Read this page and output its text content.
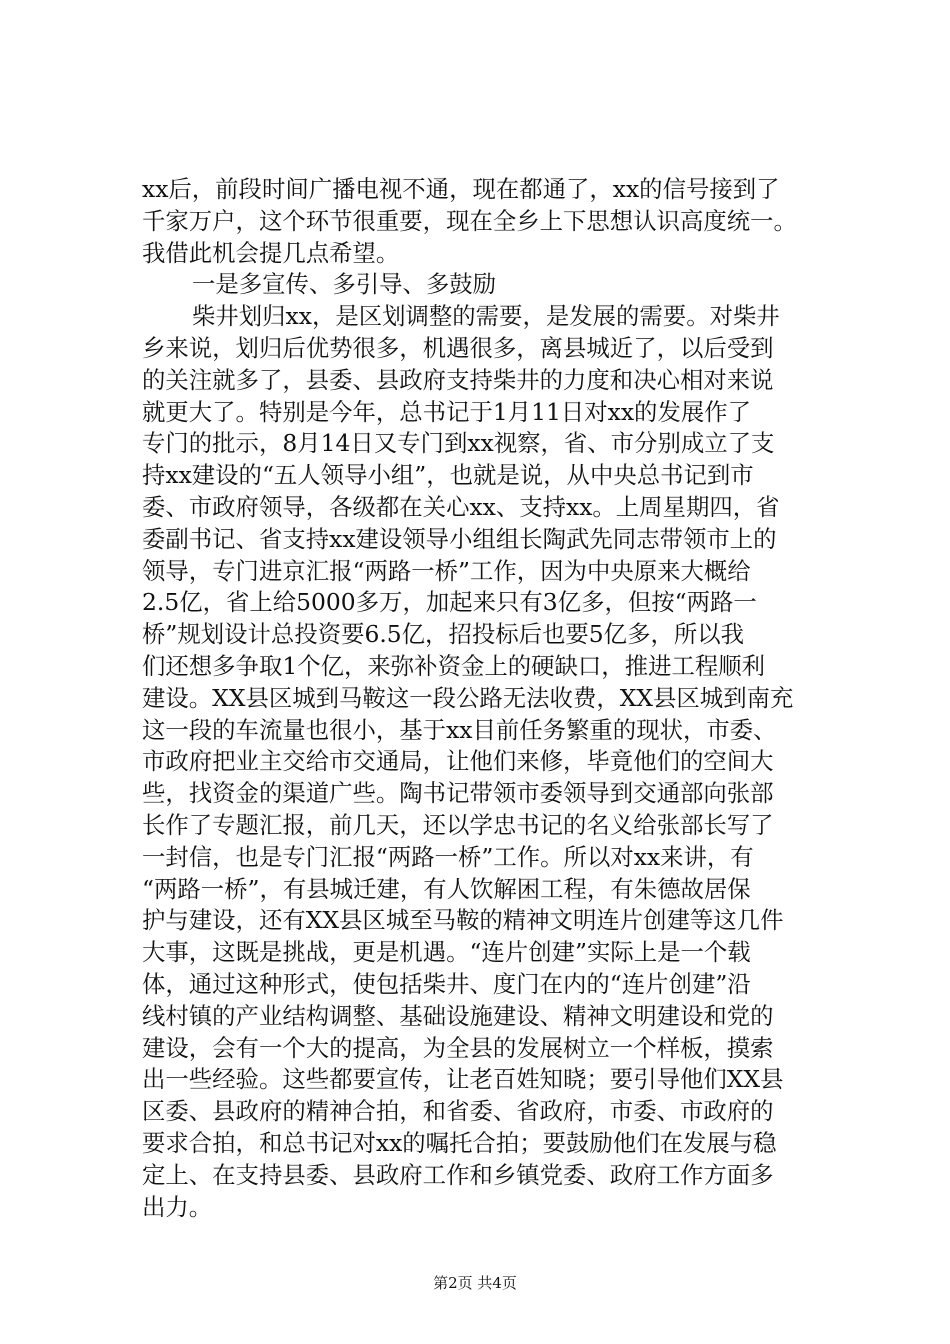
xx后，前段时间广播电视不通，现在都通了，xx的信号接到了
千家万户，这个环节很重要，现在全乡上下思想认识高度统一。
我借此机会提几点希望。
一是多宣传、多引导、多鼓励
柴井划归xx，是区划调整的需要，是发展的需要。对柴井
乡来说，划归后优势很多，机遇很多，离县城近了，以后受到
的关注就多了，县委、县政府支持柴井的力度和决心相对来说
就更大了。特别是今年，总书记于1月11日对xx的发展作了
专门的批示，8月14日又专门到xx视察，省、市分别成立了支
持xx建设的“五人领导小组”，也就是说，从中央总书记到市
委、市政府领导，各级都在关心xx、支持xx。上周星期四，省
委副书记、省支持xx建设领导小组组长陶武先同志带领市上的
领导，专门进京汇报“两路一桥”工作，因为中央原来大概给
2.5亿，省上给5000多万，加起来只有3亿多，但按“两路一
桥”规划设计总投资要6.5亿，招投标后也要5亿多，所以我
们还想多争取1个亿，来弥补资金上的硬缺口，推进工程顺利
建设。XX县区城到马鞍这一段公路无法收费，XX县区城到南充
这一段的车流量也很小，基于xx目前任务繁重的现状，市委、
市政府把业主交给市交通局，让他们来修，毕竟他们的空间大
些，找资金的渠道广些。陶书记带领市委领导到交通部向张部
长作了专题汇报，前几天，还以学忠书记的名义给张部长写了
一封信，也是专门汇报“两路一桥”工作。所以对xx来讲，有
“两路一桥”，有县城迁建，有人饮解困工程，有朱德故居保
护与建设，还有XX县区城至马鞍的精神文明连片创建等这几件
大事，这既是挑战，更是机遇。“连片创建”实际上是一个载
体，通过这种形式，使包括柴井、度门在内的“连片创建”沿
线村镇的产业结构调整、基础设施建设、精神文明建设和党的
建设，会有一个大的提高，为全县的发展树立一个样板，摸索
出一些经验。这些都要宣传，让老百姓知晓；要引导他们XX县
区委、县政府的精神合拍，和省委、省政府，市委、市政府的
要求合拍，和总书记对xx的嘱托合拍；要鼓励他们在发展与稳
定上、在支持县委、县政府工作和乡镇党委、政府工作方面多
出力。
第2页 共4页
